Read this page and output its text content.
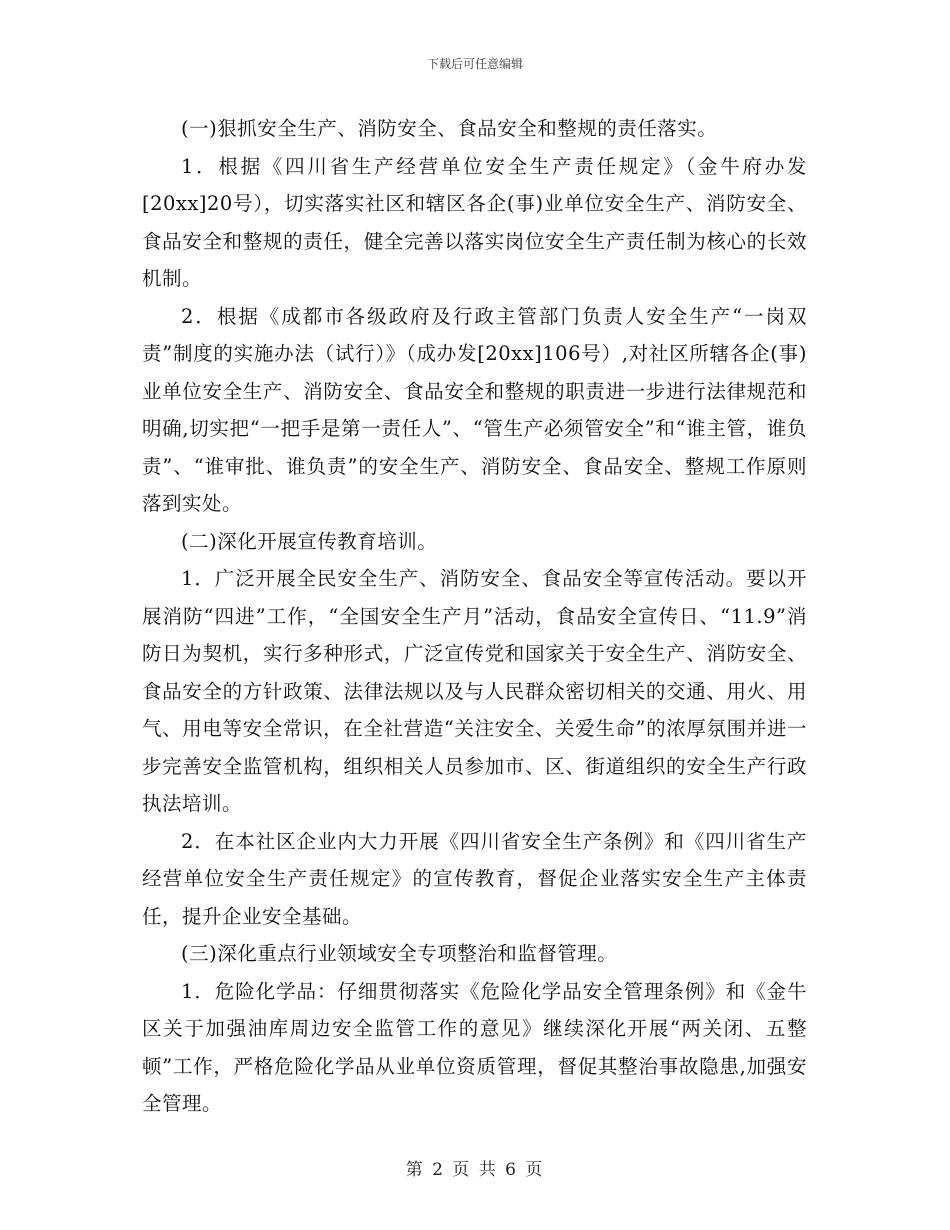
下载后可任意编辑

(一)狠抓安全生产、消防安全、食品安全和整规的责任落实。

1．根据《四川省生产经营单位安全生产责任规定》（金牛府办发[20xx]20号），切实落实社区和辖区各企(事)业单位安全生产、消防安全、食品安全和整规的责任，健全完善以落实岗位安全生产责任制为核心的长效机制。

2．根据《成都市各级政府及行政主管部门负责人安全生产“一岗双责”制度的实施办法（试行）》（成办发[20xx]106号）,对社区所辖各企(事)业单位安全生产、消防安全、食品安全和整规的职责进一步进行法律规范和明确,切实把“一把手是第一责任人”、“管生产必须管安全”和“谁主管，谁负责”、“谁审批、谁负责”的安全生产、消防安全、食品安全、整规工作原则落到实处。

(二)深化开展宣传教育培训。

1．广泛开展全民安全生产、消防安全、食品安全等宣传活动。要以开展消防“四进”工作，“全国安全生产月”活动，食品安全宣传日、“11.9”消防日为契机，实行多种形式，广泛宣传党和国家关于安全生产、消防安全、食品安全的方针政策、法律法规以及与人民群众密切相关的交通、用火、用气、用电等安全常识，在全社营造“关注安全、关爱生命”的浓厚氛围并进一步完善安全监管机构，组织相关人员参加市、区、街道组织的安全生产行政执法培训。

2．在本社区企业内大力开展《四川省安全生产条例》和《四川省生产经营单位安全生产责任规定》的宣传教育，督促企业落实安全生产主体责任，提升企业安全基础。

(三)深化重点行业领域安全专项整治和监督管理。

1．危险化学品：仔细贯彻落实《危险化学品安全管理条例》和《金牛区关于加强油库周边安全监管工作的意见》继续深化开展“两关闭、五整顿”工作，严格危险化学品从业单位资质管理，督促其整治事故隐患,加强安全管理。

第 2 页 共 6 页
